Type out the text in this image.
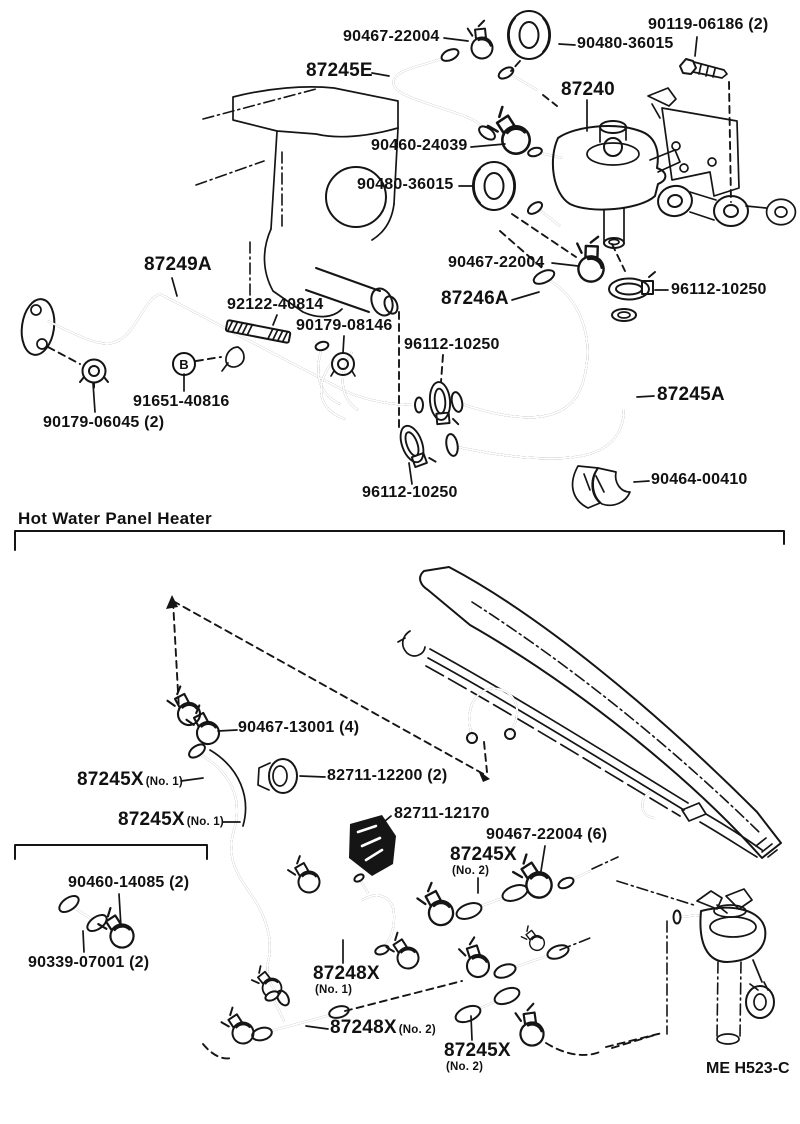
90467-22004	90480-36015
90119-06186 (2)
87245E
87240
90460-24039
90480-36015
87249A
92122-40814
90179-08146
90467-22004
87246A	96112-10250
96112-10250
87245A
91651-40816
90179-06045 (2)
96112-10250
90464-00410
B
Hot Water Panel Heater
90467-13001 (4)
87245X (No. 1)	82711-12200 (2)
87245X (No. 1)	82711-12170
90467-22004 (6)
87245X
(No. 2)
90460-14085 (2)
90339-07001 (2)
87248X
(No. 1)
87248X (No. 2)
87245X
(No. 2)	ME H523-C
